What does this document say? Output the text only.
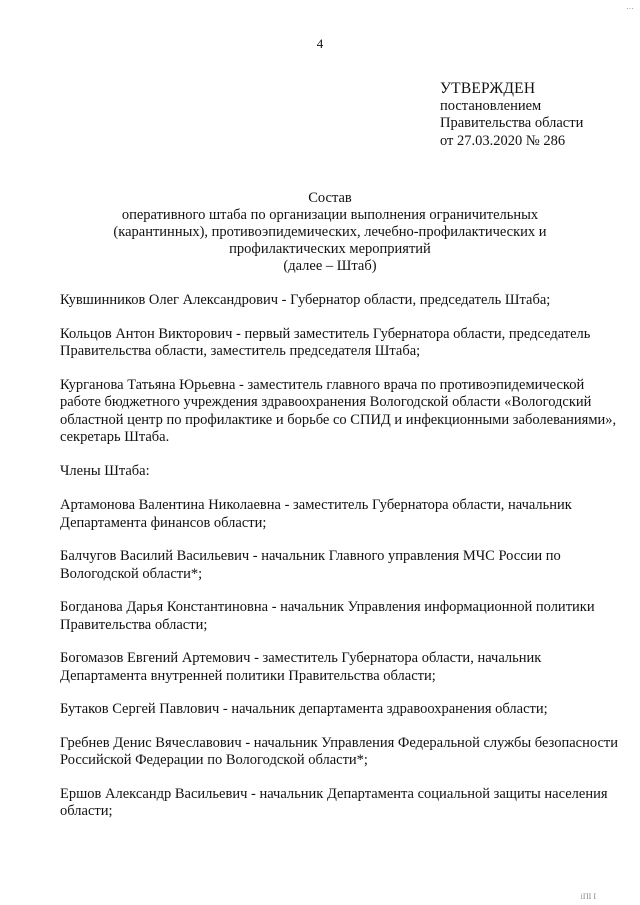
4
…
УТВЕРЖДЕН
постановлением
Правительства области
от 27.03.2020 № 286
Состав
оперативного штаба по организации выполнения ограничительных
(карантинных), противоэпидемических, лечебно-профилактических и
профилактических мероприятий
(далее – Штаб)

Кувшинников Олег Александрович - Губернатор области, председатель Штаба;

Кольцов Антон Викторович - первый заместитель Губернатора области, председатель Правительства области, заместитель председателя Штаба;

Курганова Татьяна Юрьевна - заместитель главного врача по противоэпидемической работе бюджетного учреждения здравоохранения Вологодской области «Вологодский областной центр по профилактике и борьбе со СПИД и инфекционными заболеваниями», секретарь Штаба.

Члены Штаба:

Артамонова Валентина Николаевна - заместитель Губернатора области, начальник Департамента финансов области;

Балчугов Василий Васильевич - начальник Главного управления МЧС России по Вологодской области*;

Богданова Дарья Константиновна - начальник Управления информационной политики Правительства области;

Богомазов Евгений Артемович - заместитель Губернатора области, начальник Департамента внутренней политики Правительства области;

Бутаков Сергей Павлович - начальник департамента здравоохранения области;

Гребнев Денис Вячеславович - начальник Управления Федеральной службы безопасности Российской Федерации по Вологодской области*;

Ершов Александр Васильевич - начальник Департамента социальной защиты населения области;

іПІ І
